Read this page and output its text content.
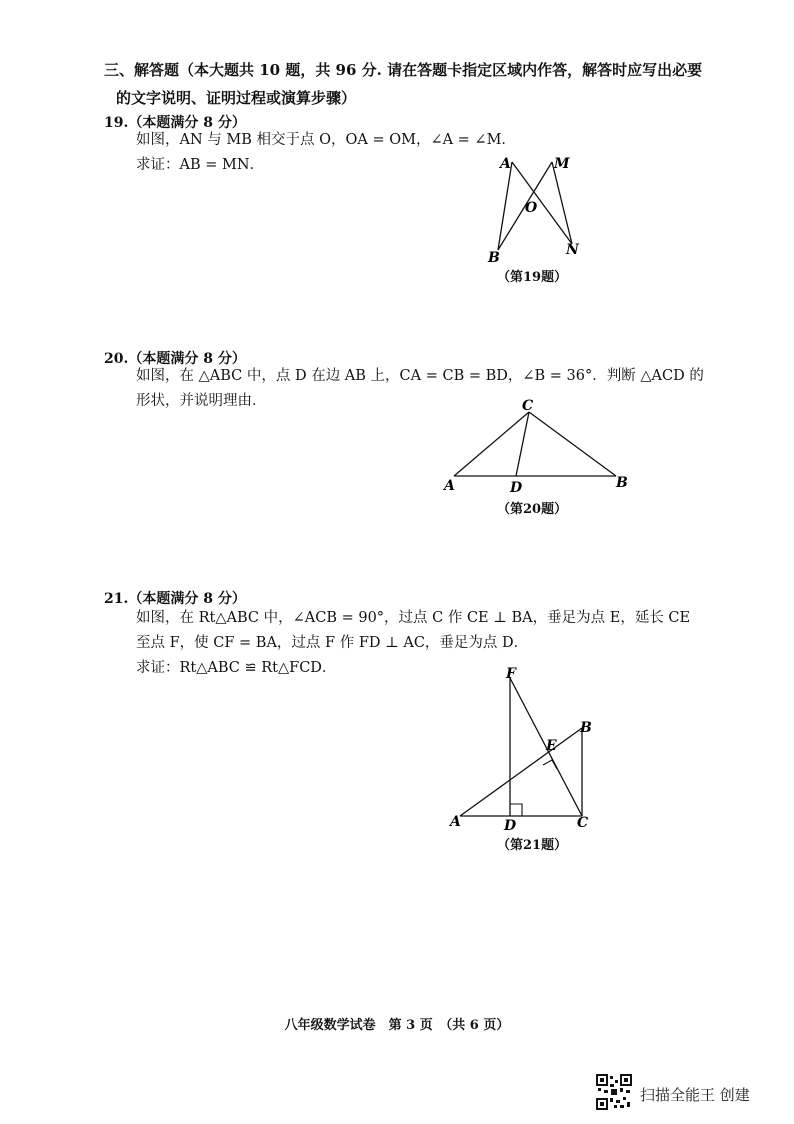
三、解答题（本大题共 10 题，共 96 分. 请在答题卡指定区域内作答，解答时应写出必要
的文字说明、证明过程或演算步骤）
19.（本题满分 8 分）
如图，AN 与 MB 相交于点 O，OA = OM，∠A = ∠M．
求证：AB = MN．	A	M
O
B	N
（第19题）
20.（本题满分 8 分）
如图，在 △ABC 中，点 D 在边 AB 上，CA = CB = BD，∠B = 36°．判断 △ACD 的
形状，并说明理由．	C
A	D	B
（第20题）
21.（本题满分 8 分）
如图，在 Rt△ABC 中，∠ACB = 90°，过点 C 作 CE ⊥ BA，垂足为点 E，延长 CE
至点 F，使 CF = BA，过点 F 作 FD ⊥ AC，垂足为点 D．
求证：Rt△ABC ≌ Rt△FCD．	F
B
E
A	D	C
（第21题）
八年级数学试卷　第 3 页　（共 6 页）
扫描全能王 创建
